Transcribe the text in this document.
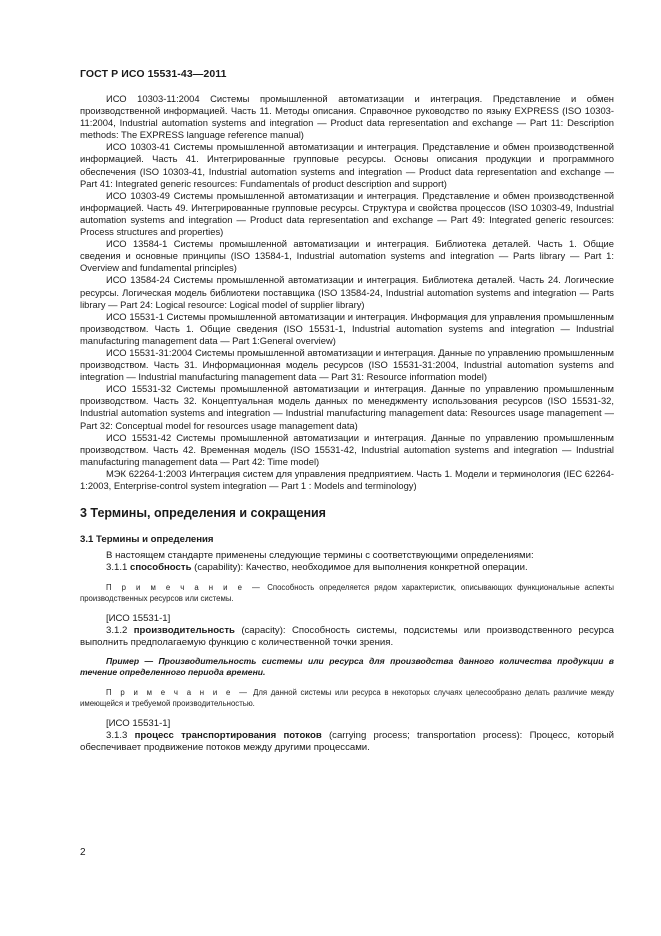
ГОСТ Р ИСО 15531-43—2011

ИСО 10303-11:2004 Системы промышленной автоматизации и интеграция. Представление и обмен производственной информацией. Часть 11. Методы описания. Справочное руководство по языку EXPRESS (ISO 10303-11:2004, Industrial automation systems and integration — Product data representation and exchange — Part 11: Description methods: The EXPRESS language reference manual)

ИСО 10303-41 Системы промышленной автоматизации и интеграция. Представление и обмен производственной информацией. Часть 41. Интегрированные групповые ресурсы. Основы описания продукции и программного обеспечения (ISO 10303-41, Industrial automation systems and integration — Product data representation and exchange — Part 41: Integrated generic resources: Fundamentals of product description and support)

ИСО 10303-49 Системы промышленной автоматизации и интеграция. Представление и обмен производственной информацией. Часть 49. Интегрированные групповые ресурсы. Структура и свойства процессов (ISO 10303-49, Industrial automation systems and integration — Product data representation and exchange — Part 49: Integrated generic resources: Process structures and properties)

ИСО 13584-1 Системы промышленной автоматизации и интеграция. Библиотека деталей. Часть 1. Общие сведения и основные принципы (ISO 13584-1, Industrial automation systems and integration — Parts library — Part 1: Overview and fundamental principles)

ИСО 13584-24 Системы промышленной автоматизации и интеграция. Библиотека деталей. Часть 24. Логические ресурсы. Логическая модель библиотеки поставщика (ISO 13584-24, Industrial automation systems and integration — Parts library — Part 24: Logical resource: Logical model of supplier library)

ИСО 15531-1 Системы промышленной автоматизации и интеграция. Информация для управления промышленным производством. Часть 1. Общие сведения (ISO 15531-1, Industrial automation systems and integration — Industrial manufacturing management data — Part 1:General overview)

ИСО 15531-31:2004 Системы промышленной автоматизации и интеграция. Данные по управлению промышленным производством. Часть 31. Информационная модель ресурсов (ISO 15531-31:2004, Industrial automation systems and integration — Industrial manufacturing management data — Part 31: Resource information model)

ИСО 15531-32 Системы промышленной автоматизации и интеграция. Данные по управлению промышленным производством. Часть 32. Концептуальная модель данных по менеджменту использования ресурсов (ISO 15531-32, Industrial automation systems and integration — Industrial manufacturing management data: Resources usage management — Part 32: Conceptual model for resources usage management data)

ИСО 15531-42 Системы промышленной автоматизации и интеграция. Данные по управлению промышленным производством. Часть 42. Временная модель (ISO 15531-42, Industrial automation systems and integration — Industrial manufacturing management data — Part 42: Time model)

МЭК 62264-1:2003 Интеграция систем для управления предприятием. Часть 1. Модели и терминология (IEC 62264-1:2003, Enterprise-control system integration — Part 1 : Models and terminology)

3 Термины, определения и сокращения
3.1 Термины и определения

В настоящем стандарте применены следующие термины с соответствующими определениями:

3.1.1 способность (capability): Качество, необходимое для выполнения конкретной операции.

П р и м е ч а н и е — Способность определяется рядом характеристик, описывающих функциональные аспекты производственных ресурсов или системы.

[ИСО 15531-1]

3.1.2 производительность (capacity): Способность системы, подсистемы или производственного ресурса выполнить предполагаемую функцию с количественной точки зрения.

Пример — Производительность системы или ресурса для производства данного количества продукции в течение определенного периода времени.

П р и м е ч а н и е — Для данной системы или ресурса в некоторых случаях целесообразно делать различие между имеющейся и требуемой производительностью.

[ИСО 15531-1]

3.1.3 процесс транспортирования потоков (carrying process; transportation process): Процесс, который обеспечивает продвижение потоков между другими процессами.

2
